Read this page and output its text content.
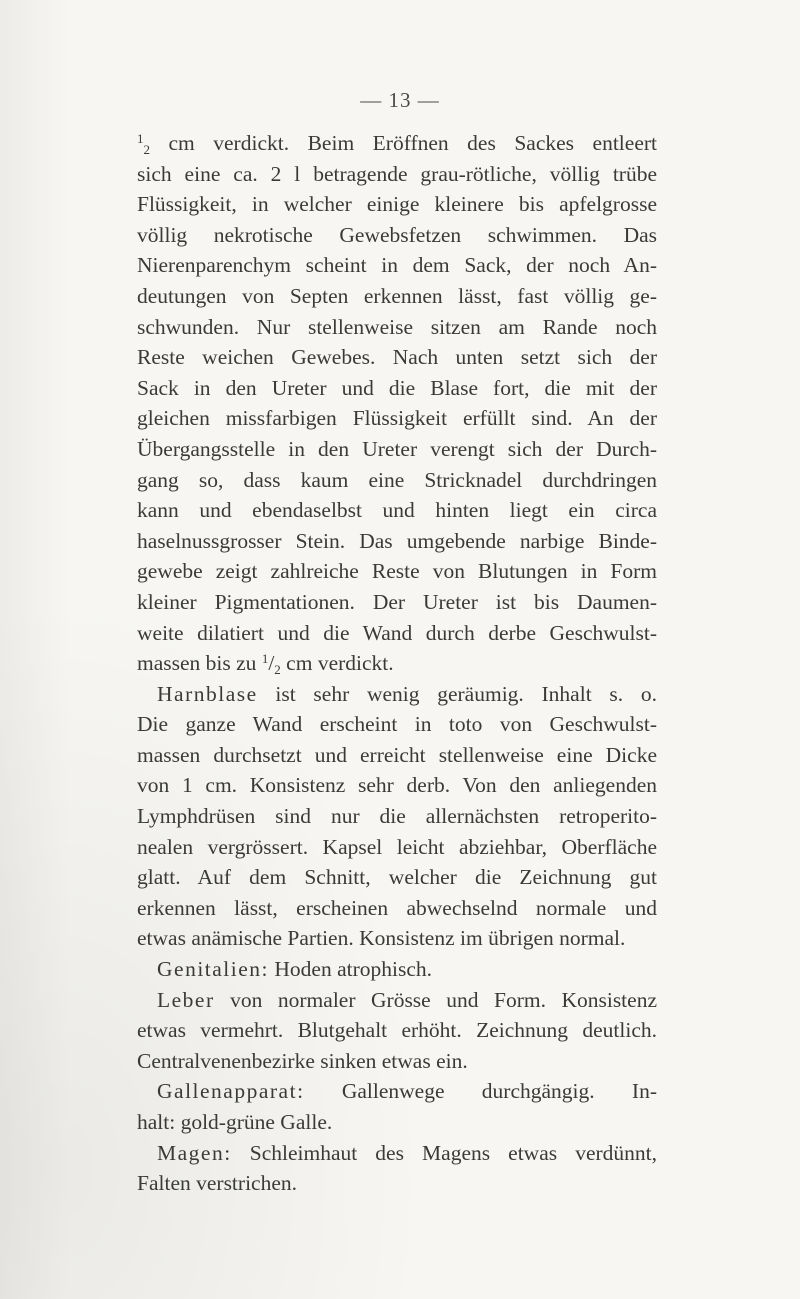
— 13 —
$^1_2$ cm verdickt. Beim Eröffnen des Sackes entleert
sich eine ca. 2 l betragende grau-rötliche, völlig trübe
Flüssigkeit, in welcher einige kleinere bis apfelgrosse
völlig nekrotische Gewebsfetzen schwimmen. Das
Nierenparenchym scheint in dem Sack, der noch An-
deutungen von Septen erkennen lässt, fast völlig ge-
schwunden. Nur stellenweise sitzen am Rande noch
Reste weichen Gewebes. Nach unten setzt sich der
Sack in den Ureter und die Blase fort, die mit der
gleichen missfarbigen Flüssigkeit erfüllt sind. An der
Übergangsstelle in den Ureter verengt sich der Durch-
gang so, dass kaum eine Stricknadel durchdringen
kann und ebendaselbst und hinten liegt ein circa
haselnussgrosser Stein. Das umgebende narbige Binde-
gewebe zeigt zahlreiche Reste von Blutungen in Form
kleiner Pigmentationen. Der Ureter ist bis Daumen-
weite dilatiert und die Wand durch derbe Geschwulst-
massen bis zu $^1/_2$ cm verdickt.
Harnblase ist sehr wenig geräumig. Inhalt s. o.
Die ganze Wand erscheint in toto von Geschwulst-
massen durchsetzt und erreicht stellenweise eine Dicke
von 1 cm. Konsistenz sehr derb. Von den anliegenden
Lymphdrüsen sind nur die allernächsten retroperito-
nealen vergrössert. Kapsel leicht abziehbar, Oberfläche
glatt. Auf dem Schnitt, welcher die Zeichnung gut
erkennen lässt, erscheinen abwechselnd normale und
etwas anämische Partien. Konsistenz im übrigen normal.
Genitalien: Hoden atrophisch.
Leber von normaler Grösse und Form. Konsistenz
etwas vermehrt. Blutgehalt erhöht. Zeichnung deutlich.
Centralvenenbezirke sinken etwas ein.
Gallenapparat: Gallenwege durchgängig. In-
halt: gold-grüne Galle.
Magen: Schleimhaut des Magens etwas verdünnt,
Falten verstrichen.
